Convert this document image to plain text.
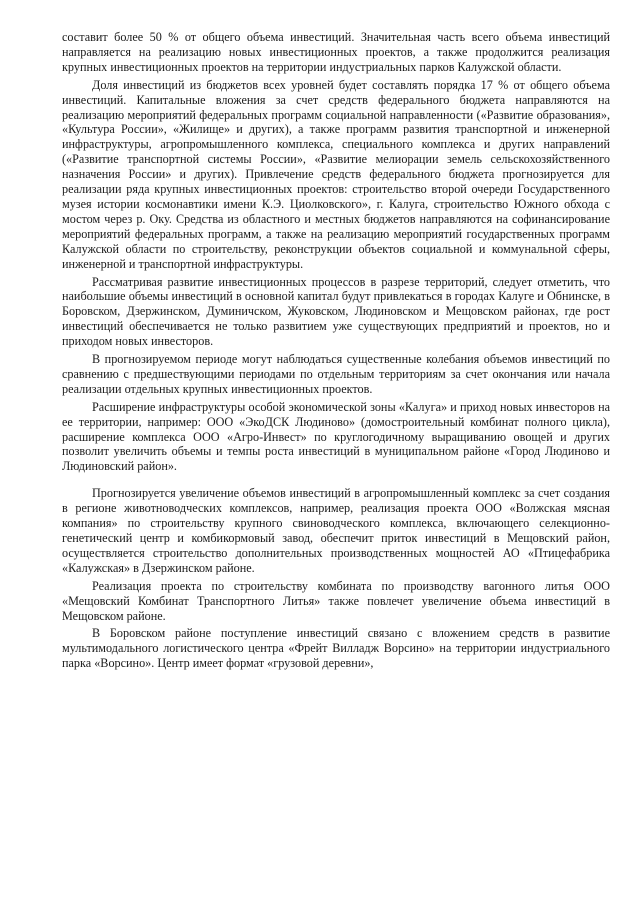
составит более 50 % от общего объема инвестиций. Значительная часть всего объема инвестиций направляется на реализацию новых инвестиционных проектов, а также продолжится реализация крупных инвестиционных проектов на территории индустриальных парков Калужской области.

Доля инвестиций из бюджетов всех уровней будет составлять порядка 17 % от общего объема инвестиций. Капитальные вложения за счет средств федерального бюджета направляются на реализацию мероприятий федеральных программ социальной направленности («Развитие образования», «Культура России», «Жилище» и других), а также программ развития транспортной и инженерной инфраструктуры, агропромышленного комплекса, специального комплекса и других направлений («Развитие транспортной системы России», «Развитие мелиорации земель сельскохозяйственного назначения России» и других). Привлечение средств федерального бюджета прогнозируется для реализации ряда крупных инвестиционных проектов: строительство второй очереди Государственного музея истории космонавтики имени К.Э. Циолковского», г. Калуга, строительство Южного обхода с мостом через р. Оку. Средства из областного и местных бюджетов направляются на софинансирование мероприятий федеральных программ, а также на реализацию мероприятий государственных программ Калужской области по строительству, реконструкции объектов социальной и коммунальной сферы, инженерной и транспортной инфраструктуры.

Рассматривая развитие инвестиционных процессов в разрезе территорий, следует отметить, что наибольшие объемы инвестиций в основной капитал будут привлекаться в городах Калуге и Обнинске, в Боровском, Дзержинском, Думиничском, Жуковском, Людиновском и Мещовском районах, где рост инвестиций обеспечивается не только развитием уже существующих предприятий и проектов, но и приходом новых инвесторов.

В прогнозируемом периоде могут наблюдаться существенные колебания объемов инвестиций по сравнению с предшествующими периодами по отдельным территориям за счет окончания или начала реализации отдельных крупных инвестиционных проектов.

Расширение инфраструктуры особой экономической зоны «Калуга» и приход новых инвесторов на ее территории, например: ООО «ЭкоДСК Людиново» (домостроительный комбинат полного цикла), расширение комплекса ООО «Агро-Инвест» по круглогодичному выращиванию овощей и других позволит увеличить объемы и темпы роста инвестиций в муниципальном районе «Город Людиново и Людиновский район».

Прогнозируется увеличение объемов инвестиций в агропромышленный комплекс за счет создания в регионе животноводческих комплексов, например, реализация проекта ООО «Волжская мясная компания» по строительству крупного свиноводческого комплекса, включающего селекционно-генетический центр и комбикормовый завод, обеспечит приток инвестиций в Мещовский район, осуществляется строительство дополнительных производственных мощностей АО «Птицефабрика «Калужская» в Дзержинском районе.

Реализация проекта по строительству комбината по производству вагонного литья ООО «Мещовский Комбинат Транспортного Литья» также повлечет увеличение объема инвестиций в Мещовском районе.

В Боровском районе поступление инвестиций связано с вложением средств в развитие мультимодального логистического центра «Фрейт Вилладж Ворсино» на территории индустриального парка «Ворсино». Центр имеет формат «грузовой деревни»,
